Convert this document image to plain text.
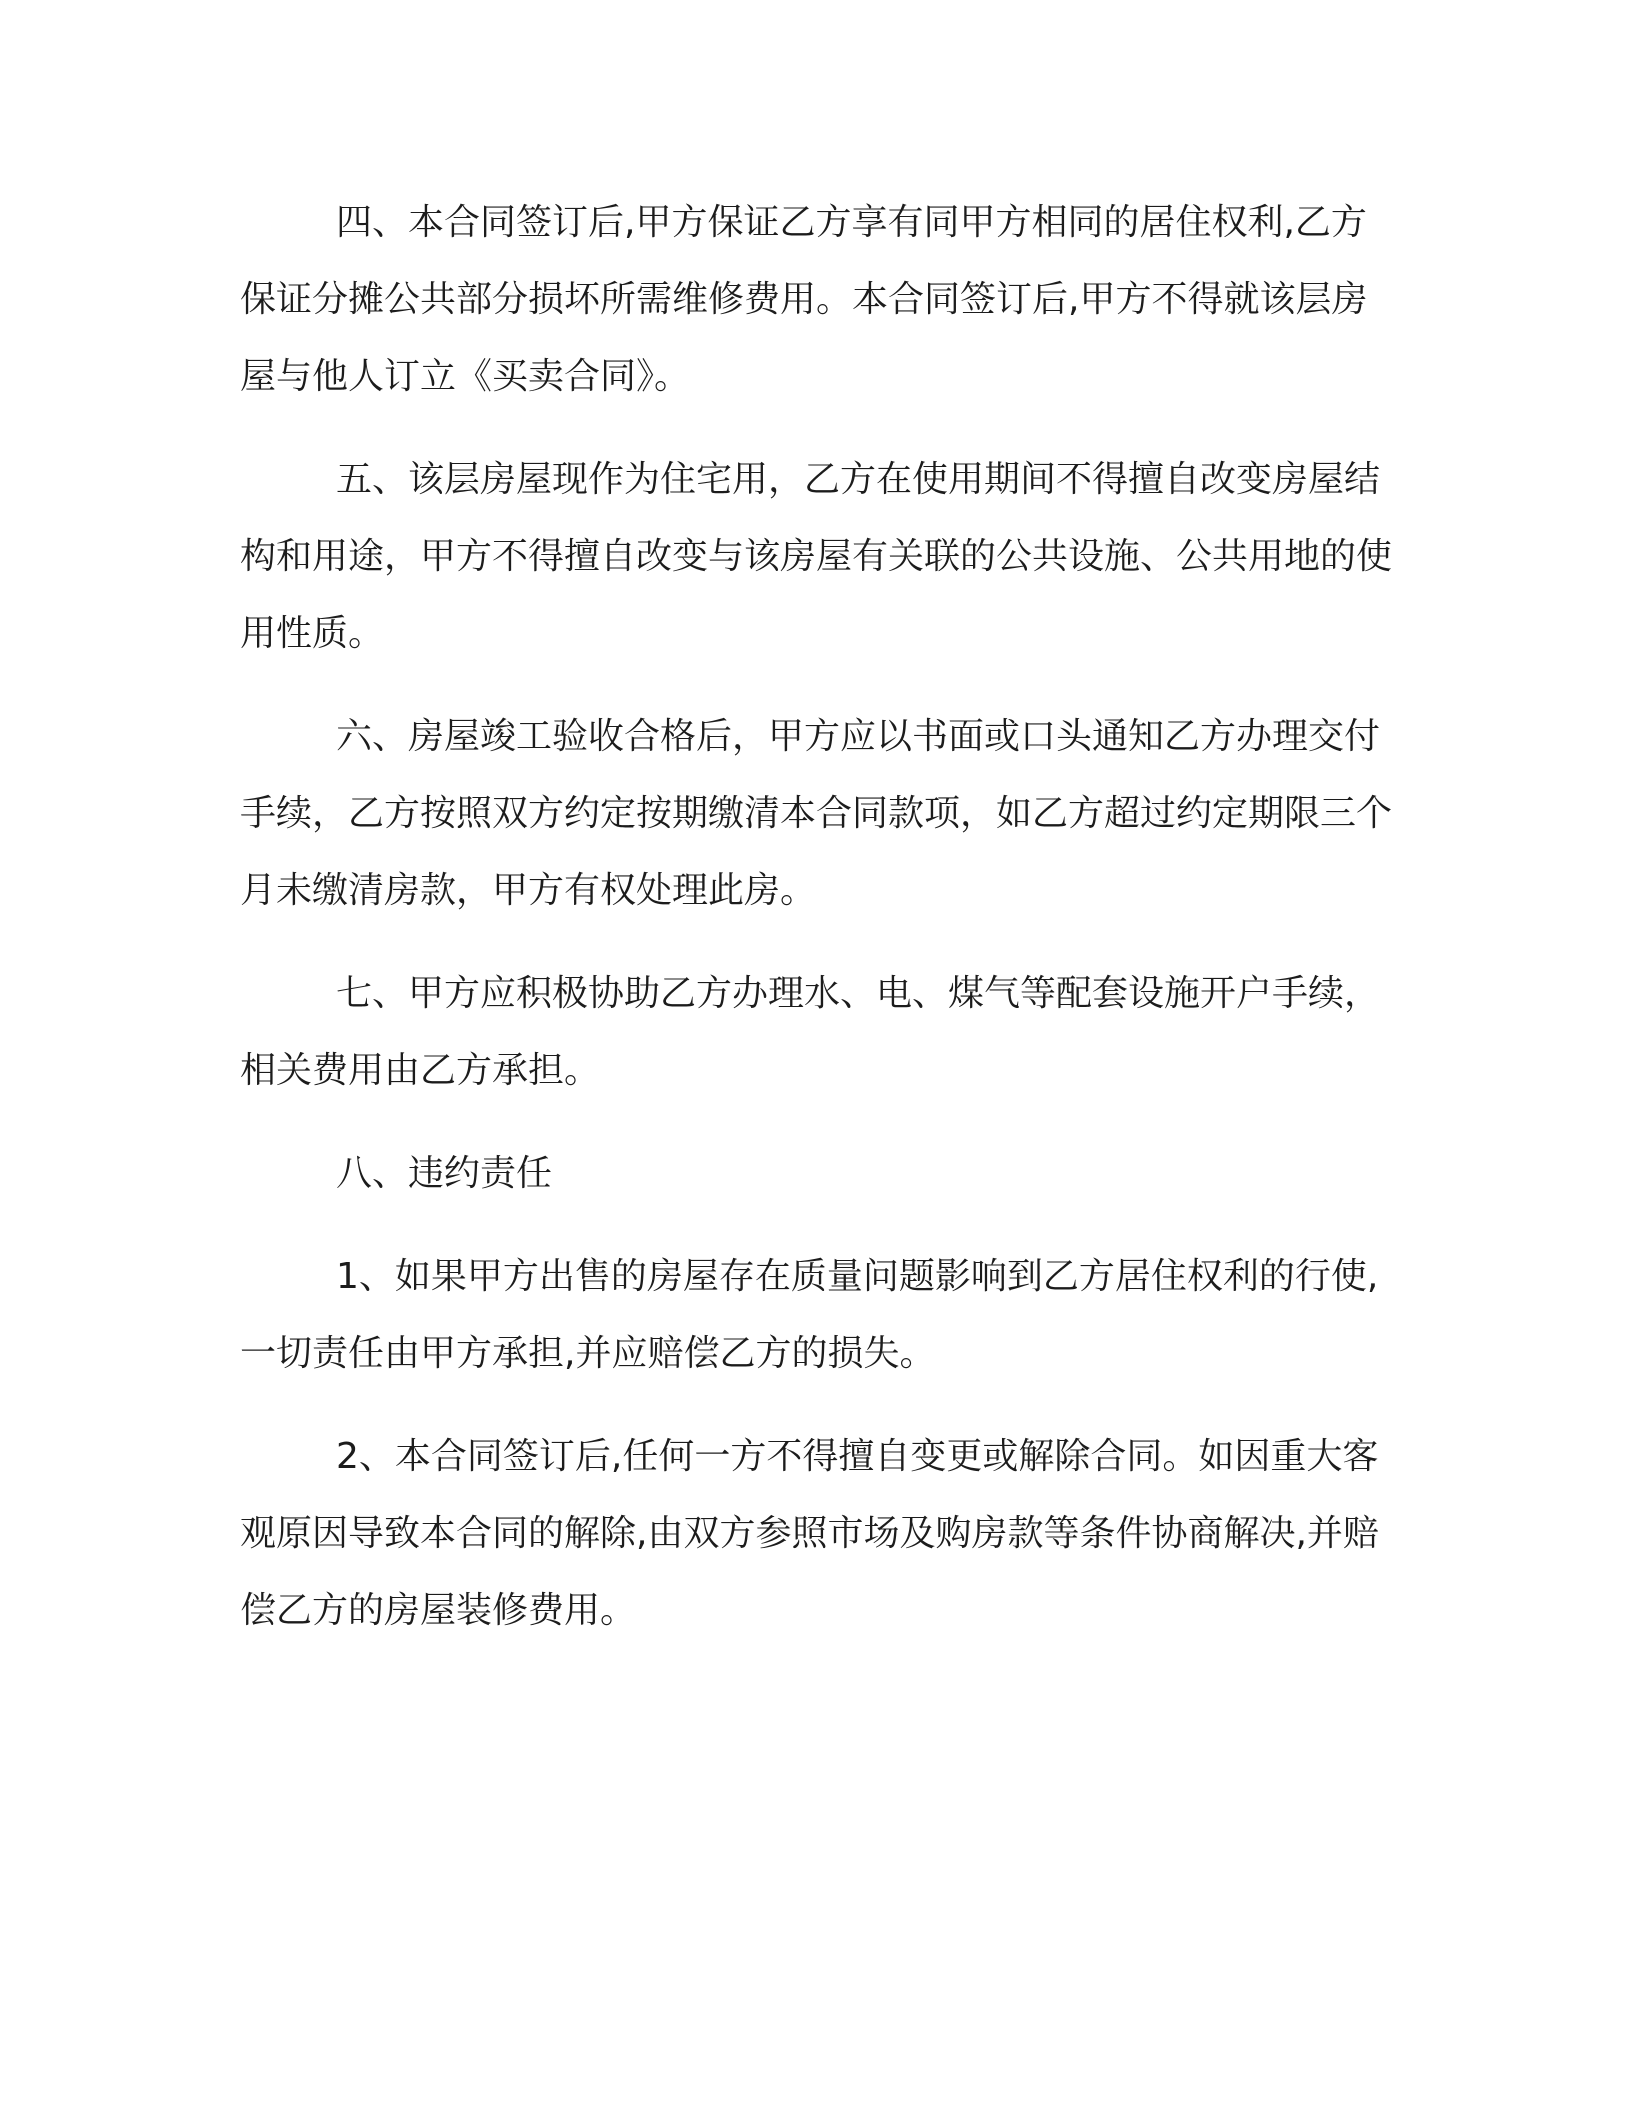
四、本合同签订后,甲方保证乙方享有同甲方相同的居住权利,乙方保证分摊公共部分损坏所需维修费用。本合同签订后,甲方不得就该层房屋与他人订立《买卖合同》。

五、该层房屋现作为住宅用，乙方在使用期间不得擅自改变房屋结构和用途，甲方不得擅自改变与该房屋有关联的公共设施、公共用地的使用性质。

六、房屋竣工验收合格后，甲方应以书面或口头通知乙方办理交付手续，乙方按照双方约定按期缴清本合同款项，如乙方超过约定期限三个月未缴清房款，甲方有权处理此房。

七、甲方应积极协助乙方办理水、电、煤气等配套设施开户手续，相关费用由乙方承担。

八、违约责任

1、如果甲方出售的房屋存在质量问题影响到乙方居住权利的行使,一切责任由甲方承担,并应赔偿乙方的损失。

2、本合同签订后,任何一方不得擅自变更或解除合同。如因重大客观原因导致本合同的解除,由双方参照市场及购房款等条件协商解决,并赔偿乙方的房屋装修费用。
